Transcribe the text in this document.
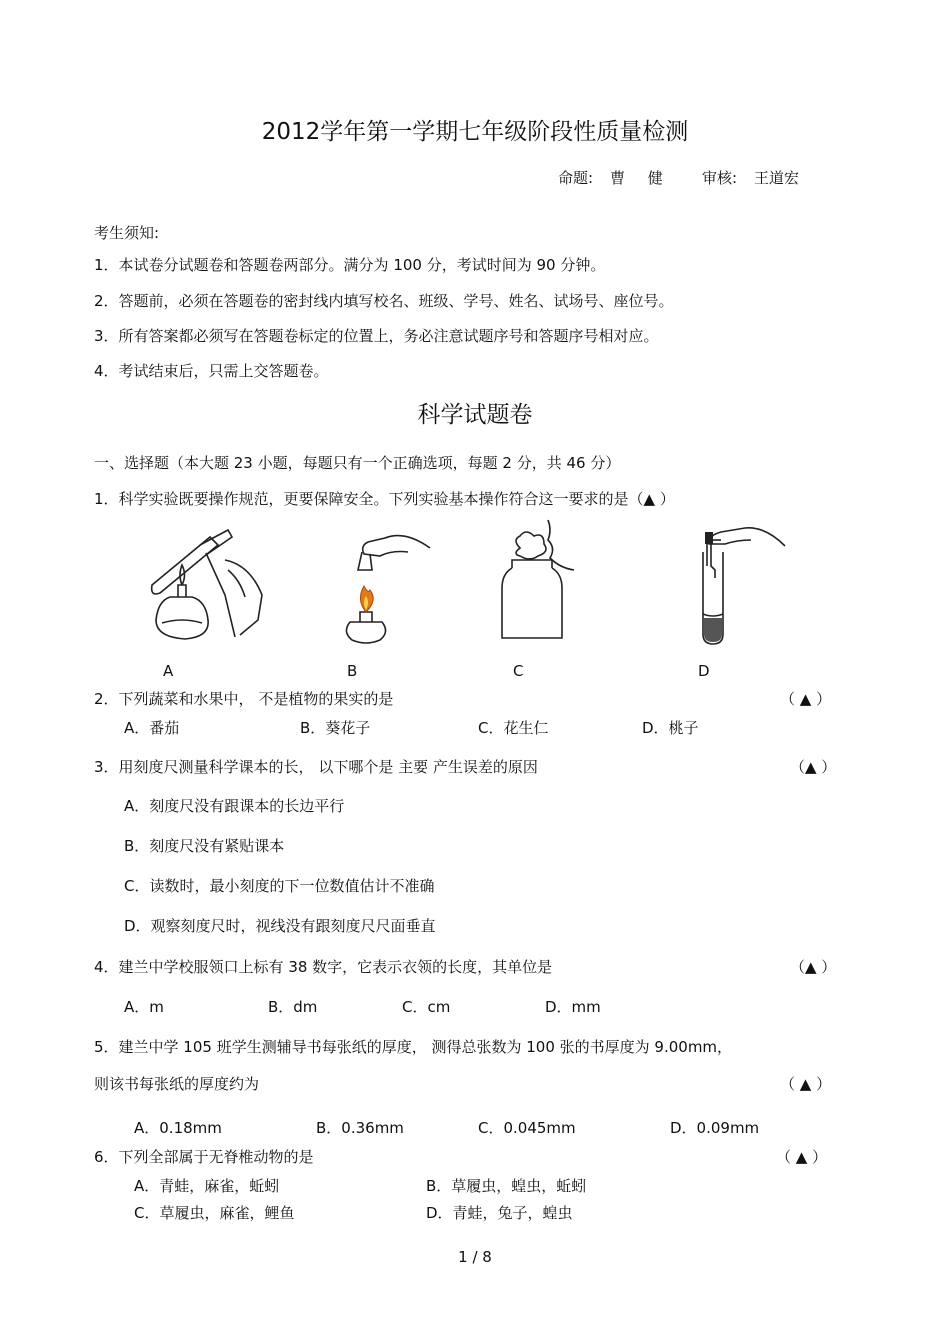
2012学年第一学期七年级阶段性质量检测
命题: 曹 健	审核: 王道宏
考生须知:
1．本试卷分试题卷和答题卷两部分。满分为 100 分，考试时间为 90 分钟。
2．答题前，必须在答题卷的密封线内填写校名、班级、学号、姓名、试场号、座位号。
3．所有答案都必须写在答题卷标定的位置上，务必注意试题序号和答题序号相对应。
4．考试结束后，只需上交答题卷。
科学试题卷
一、选择题（本大题 23 小题，每题只有一个正确选项，每题 2 分，共 46 分）
1．科学实验既要操作规范，更要保障安全。下列实验基本操作符合这一要求的是（▲ ）
A	B	C	D
2．下列蔬菜和水果中， 不是植物的果实的是	（ ▲ ）
A．番茄	B．葵花子	C．花生仁	D．桃子
3．用刻度尺测量科学课本的长， 以下哪个是 主要 产生误差的原因	（▲ ）
A．刻度尺没有跟课本的长边平行
B．刻度尺没有紧贴课本
C．读数时，最小刻度的下一位数值估计不准确
D．观察刻度尺时，视线没有跟刻度尺尺面垂直
4．建兰中学校服领口上标有 38 数字，它表示衣领的长度，其单位是	（▲ ）
A．m	B．dm	C．cm	D．mm
5．建兰中学 105 班学生测辅导书每张纸的厚度， 测得总张数为 100 张的书厚度为 9.00mm，
则该书每张纸的厚度约为	（ ▲ ）
A．0.18mm	B．0.36mm	C．0.045mm	D．0.09mm
6．下列全部属于无脊椎动物的是	（ ▲ ）
A．青蛙，麻雀，蚯蚓	B．草履虫，蝗虫，蚯蚓
C．草履虫，麻雀，鲤鱼	D．青蛙，兔子，蝗虫
1 / 8
